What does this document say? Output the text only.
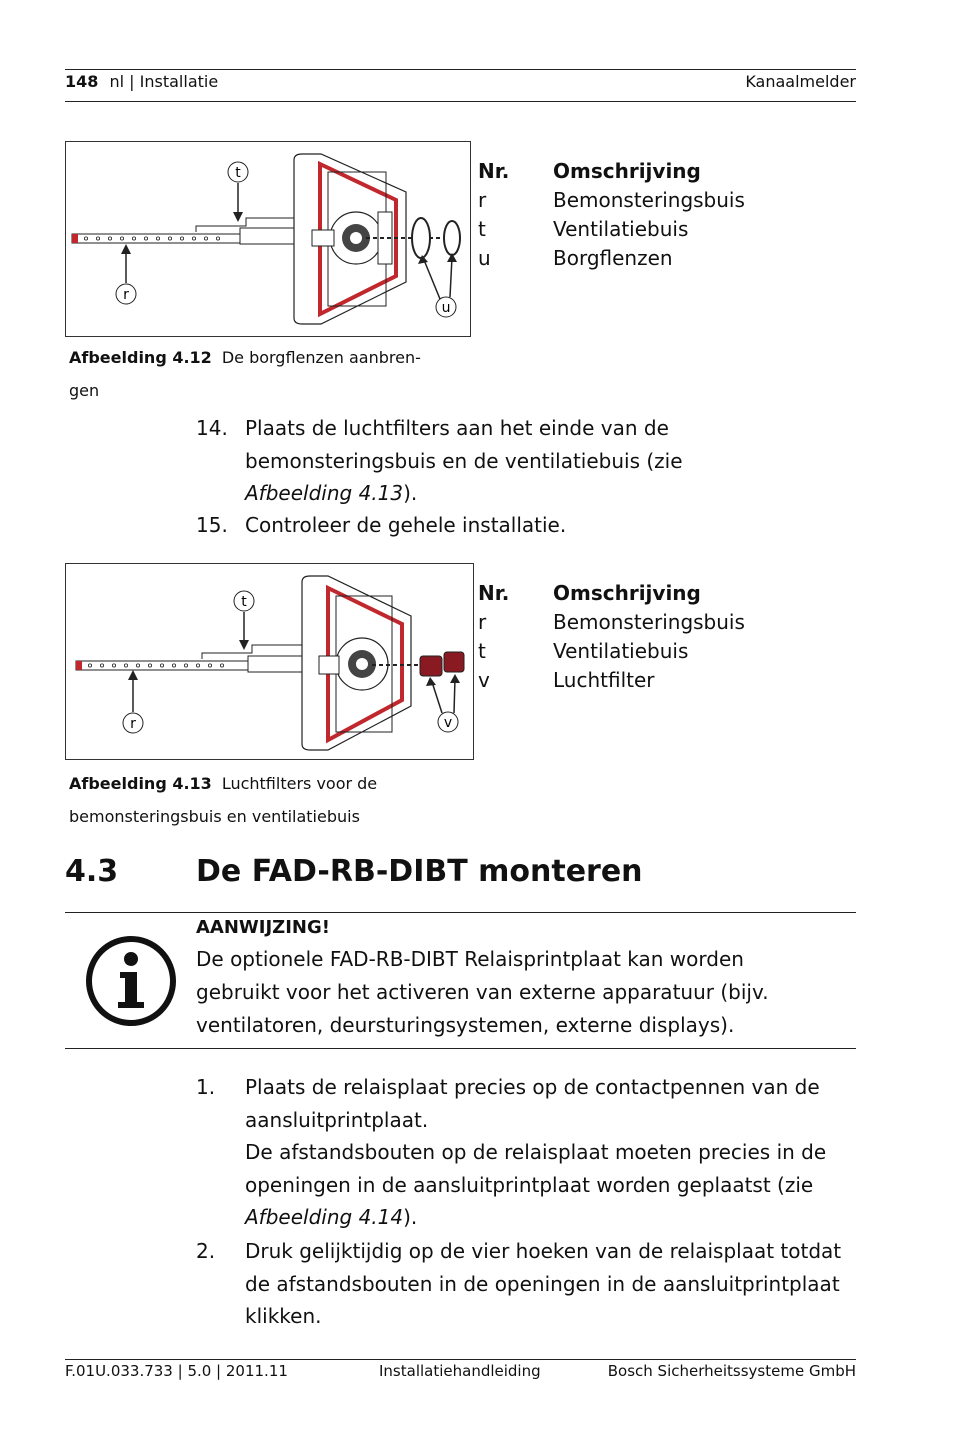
148 nl | Installatie	Kanaalmelder
t
r
u
Nr.	Omschrijving
r	Bemonsteringsbuis
t	Ventilatiebuis
u	Borgflenzen
Afbeelding 4.12 De borgflenzen aanbren-
gen
14. Plaats de luchtfilters aan het einde van de
bemonsteringsbuis en de ventilatiebuis (zie
Afbeelding 4.13).
15. Controleer de gehele installatie.
t
r	v
Nr.	Omschrijving
r	Bemonsteringsbuis
t	Ventilatiebuis
v	Luchtfilter
Afbeelding 4.13 Luchtfilters voor de
bemonsteringsbuis en ventilatiebuis
4.3	De FAD-RB-DIBT monteren
AANWIJZING!
De optionele FAD-RB-DIBT Relaisprintplaat kan worden
gebruikt voor het activeren van externe apparatuur (bijv.
ventilatoren, deursturingsystemen, externe displays).
1. Plaats de relaisplaat precies op de contactpennen van de
aansluitprintplaat.
De afstandsbouten op de relaisplaat moeten precies in de
openingen in de aansluitprintplaat worden geplaatst (zie
Afbeelding 4.14).
2. Druk gelijktijdig op de vier hoeken van de relaisplaat totdat
de afstandsbouten in de openingen in de aansluitprintplaat
klikken.
F.01U.033.733 | 5.0 | 2011.11	Installatiehandleiding	Bosch Sicherheitssysteme GmbH
